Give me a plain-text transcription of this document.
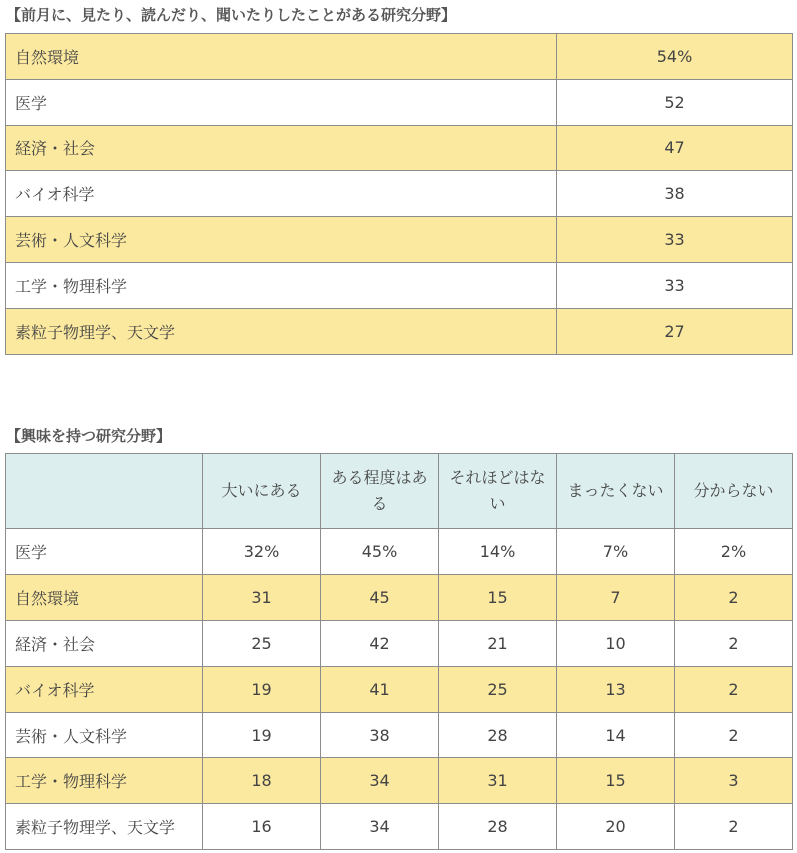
【前月に、見たり、読んだり、聞いたりしたことがある研究分野】
自然環境	54%
医学	52
経済・社会	47
バイオ科学	38
芸術・人文科学	33
工学・物理科学	33
素粒子物理学、天文学	27
【興味を持つ研究分野】
	大いにある	ある程度はある	それほどはない	まったくない	分からない
医学	32%	45%	14%	7%	2%
自然環境	31	45	15	7	2
経済・社会	25	42	21	10	2
バイオ科学	19	41	25	13	2
芸術・人文科学	19	38	28	14	2
工学・物理科学	18	34	31	15	3
素粒子物理学、天文学	16	34	28	20	2
